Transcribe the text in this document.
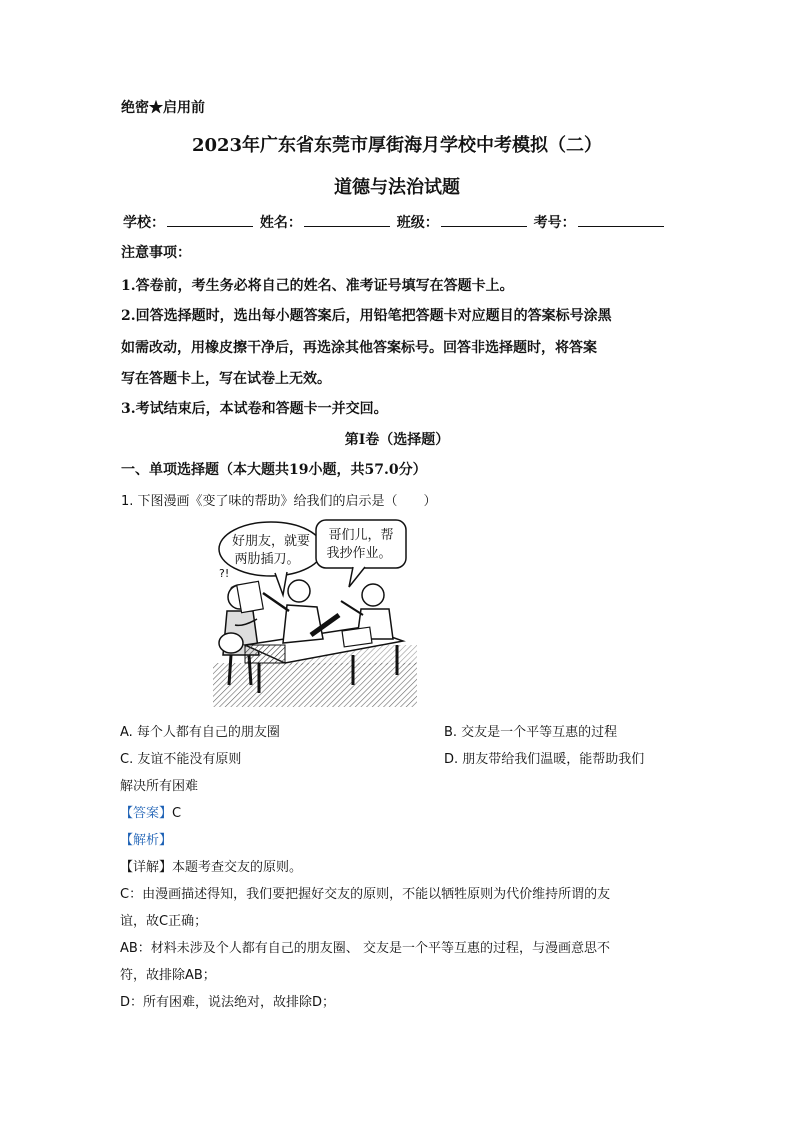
绝密★启用前
2023年广东省东莞市厚街海月学校中考模拟（二）
道德与法治试题
学校：	姓名：	班级：	考号：
注意事项：
1.答卷前，考生务必将自己的姓名、准考证号填写在答题卡上。
2.回答选择题时，选出每小题答案后，用铅笔把答题卡对应题目的答案标号涂黑
如需改动，用橡皮擦干净后，再选涂其他答案标号。回答非选择题时，将答案
写在答题卡上，写在试卷上无效。
3.考试结束后，本试卷和答题卡一并交回。
第Ⅰ卷（选择题）
一、单项选择题（本大题共19小题，共57.0分）
1. 下图漫画《变了味的帮助》给我们的启示是（　　）
好朋友，就要
两肋插刀。
哥们儿，帮
我抄作业。
?!
A. 每个人都有自己的朋友圈	B. 交友是一个平等互惠的过程
C. 友谊不能没有原则	D. 朋友带给我们温暖，能帮助我们
解决所有困难
【答案】C
【解析】
【详解】本题考查交友的原则。
C：由漫画描述得知，我们要把握好交友的原则，不能以牺牲原则为代价维持所谓的友
谊，故C正确；
AB：材料未涉及个人都有自己的朋友圈、 交友是一个平等互惠的过程，与漫画意思不
符，故排除AB；
D：所有困难，说法绝对，故排除D；
